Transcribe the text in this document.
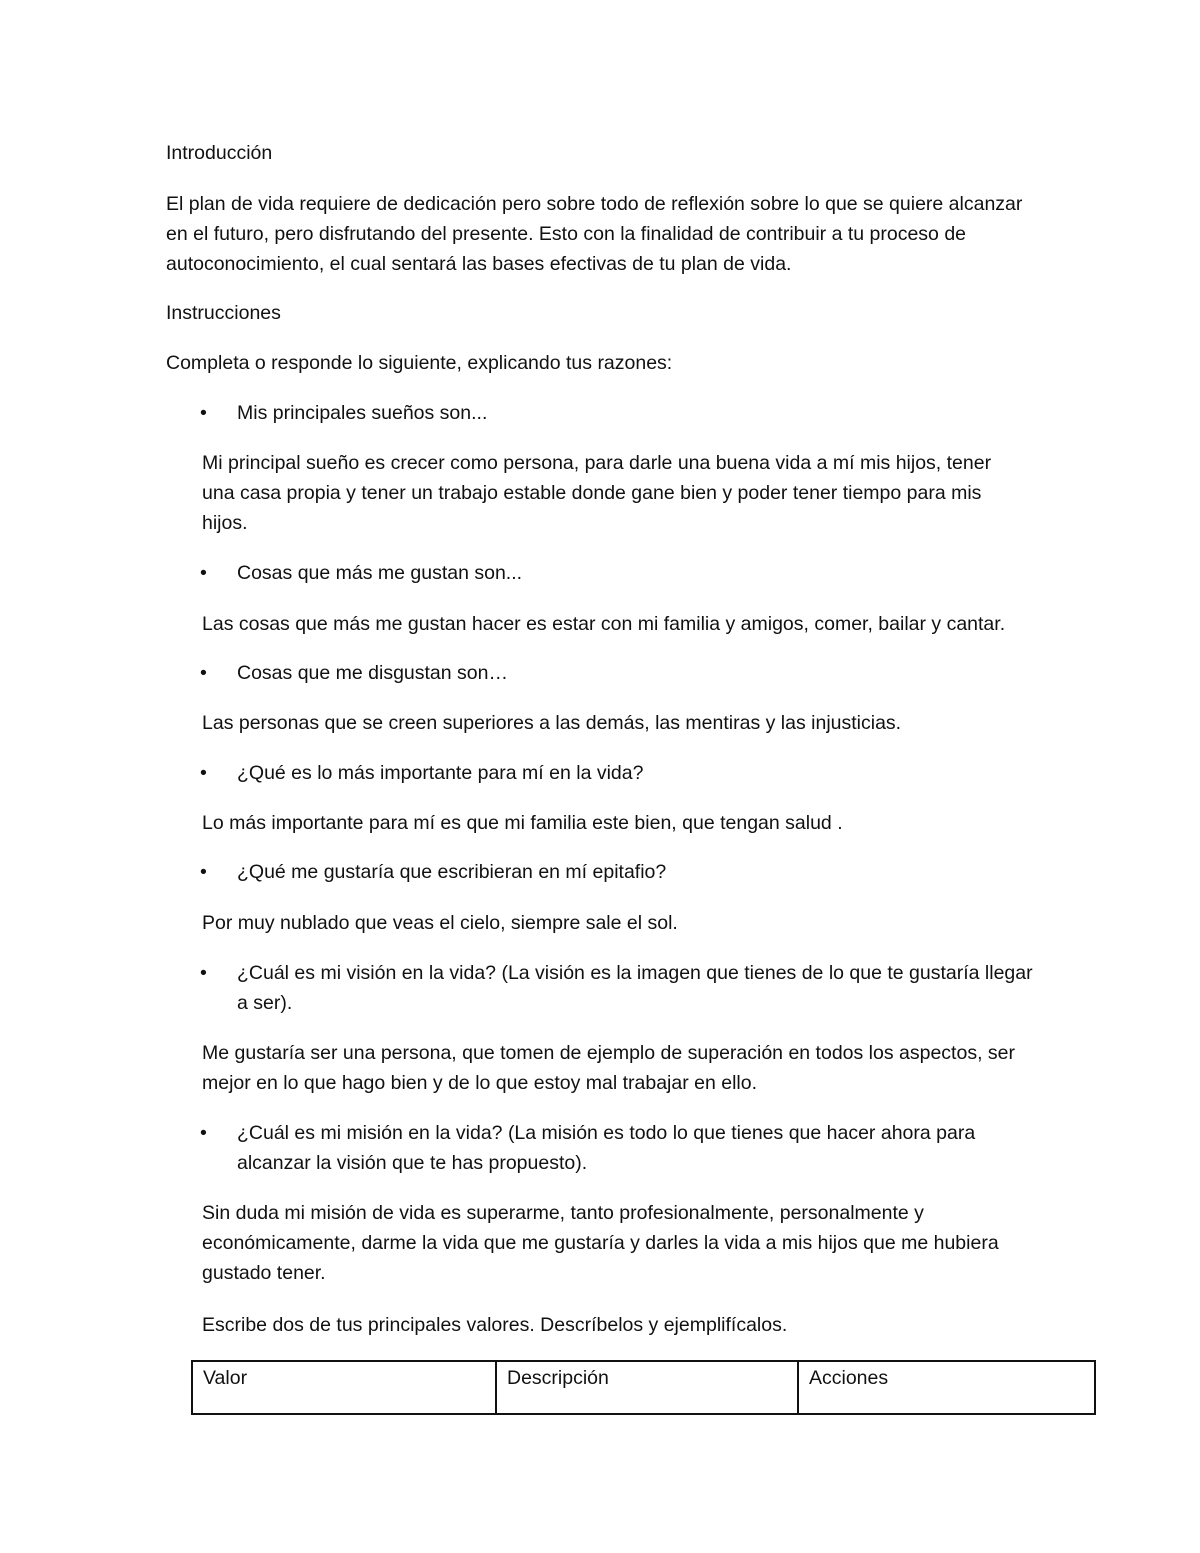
Introducción

El plan de vida requiere de dedicación pero sobre todo de reflexión sobre lo que se quiere alcanzar

en el futuro, pero disfrutando del presente. Esto con la finalidad de contribuir a tu proceso de

autoconocimiento, el cual sentará las bases efectivas de tu plan de vida.

Instrucciones

Completa o responde lo siguiente, explicando tus razones:

• Mis principales sueños son...

Mi principal sueño es crecer como persona, para darle una buena vida a mí mis hijos, tener

una casa propia y tener un trabajo estable donde gane bien y poder tener tiempo para mis

hijos.

• Cosas que más me gustan son...

Las cosas que más me gustan hacer es estar con mi familia y amigos, comer, bailar y cantar.

• Cosas que me disgustan son…

Las personas que se creen superiores a las demás, las mentiras y las injusticias.

• ¿Qué es lo más importante para mí en la vida?

Lo más importante para mí es que mi familia este bien, que tengan salud .

• ¿Qué me gustaría que escribieran en mí epitafio?

Por muy nublado que veas el cielo, siempre sale el sol.

• ¿Cuál es mi visión en la vida? (La visión es la imagen que tienes de lo que te gustaría llegar

a ser).

Me gustaría ser una persona, que tomen de ejemplo de superación en todos los aspectos, ser

mejor en lo que hago bien y de lo que estoy mal trabajar en ello.

• ¿Cuál es mi misión en la vida? (La misión es todo lo que tienes que hacer ahora para

alcanzar la visión que te has propuesto).

Sin duda mi misión de vida es superarme, tanto profesionalmente, personalmente y

económicamente, darme la vida que me gustaría y darles la vida a mis hijos que me hubiera

gustado tener.

Escribe dos de tus principales valores. Descríbelos y ejemplifícalos.

Valor	Descripción	Acciones
